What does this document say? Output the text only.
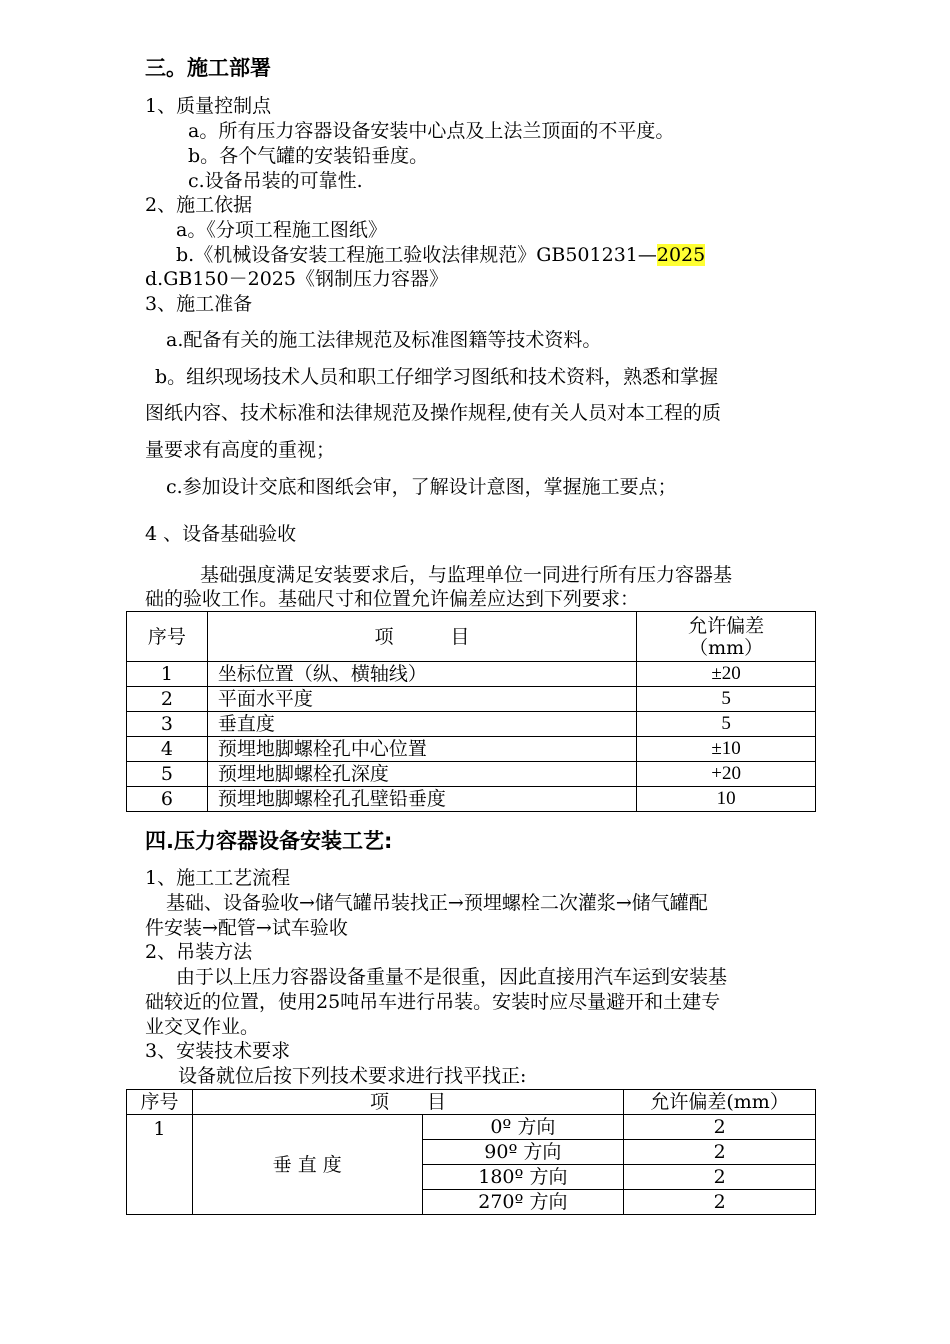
三。施工部署
1、质量控制点
a。所有压力容器设备安装中心点及上法兰顶面的不平度。
b。各个气罐的安装铅垂度。
c.设备吊装的可靠性.
2、施工依据
a。《分项工程施工图纸》
b.《机械设备安装工程施工验收法律规范》GB501231—2025
d.GB150－2025《钢制压力容器》
3、施工准备
a.配备有关的施工法律规范及标准图籍等技术资料。
b。组织现场技术人员和职工仔细学习图纸和技术资料，熟悉和掌握
图纸内容、技术标准和法律规范及操作规程,使有关人员对本工程的质
量要求有高度的重视；
c.参加设计交底和图纸会审，了解设计意图，掌握施工要点；
4 、设备基础验收
基础强度满足安装要求后，与监理单位一同进行所有压力容器基
础的验收工作。基础尺寸和位置允许偏差应达到下列要求：
序号	项　　　目	允许偏差
（mm）

1	坐标位置（纵、横轴线）	±20
2	平面水平度	5
3	垂直度	5
4	预埋地脚螺栓孔中心位置	±10
5	预埋地脚螺栓孔深度	+20
6	预埋地脚螺栓孔孔壁铅垂度	10
四.压力容器设备安装工艺:
1、施工工艺流程
基础、设备验收→储气罐吊装找正→预埋螺栓二次灌浆→储气罐配
件安装→配管→试车验收
2、吊装方法
由于以上压力容器设备重量不是很重，因此直接用汽车运到安装基
础较近的位置，使用25吨吊车进行吊装。安装时应尽量避开和土建专
业交叉作业。
3、安装技术要求
设备就位后按下列技术要求进行找平找正:
序号	项　　目		允许偏差(mm）
1	垂 直 度	0º 方向	2
		90º 方向	2
		180º 方向	2
		270º 方向	2
